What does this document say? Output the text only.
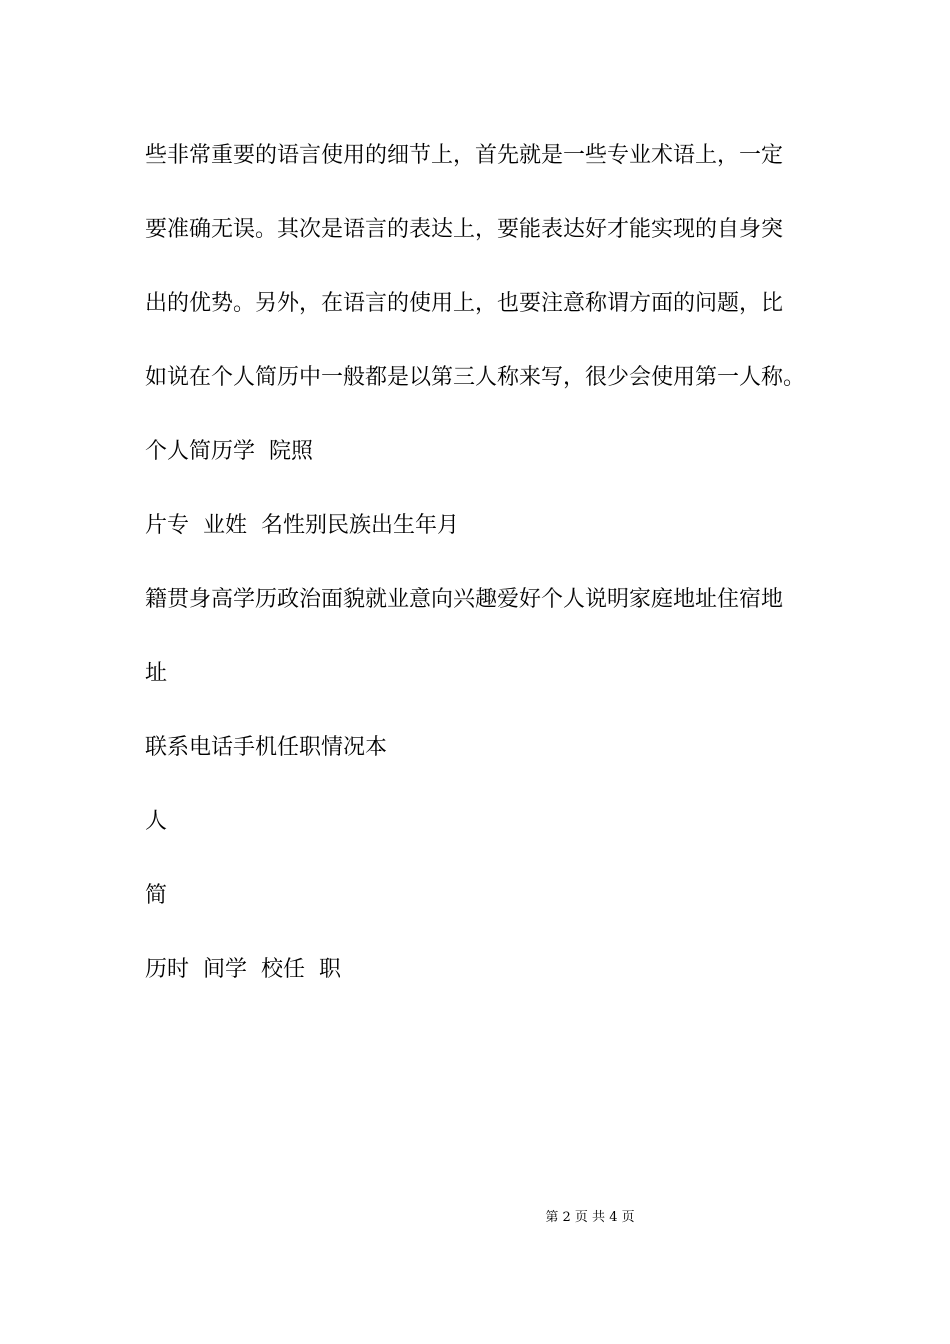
些非常重要的语言使用的细节上，首先就是一些专业术语上，一定

要准确无误。其次是语言的表达上，要能表达好才能实现的自身突

出的优势。另外，在语言的使用上，也要注意称谓方面的问题，比

如说在个人简历中一般都是以第三人称来写，很少会使用第一人称。

个人简历学  院照

片专  业姓  名性别民族出生年月

籍贯身高学历政治面貌就业意向兴趣爱好个人说明家庭地址住宿地

址

联系电话手机任职情况本

人

简

历时  间学  校任  职

第 2 页 共 4 页
